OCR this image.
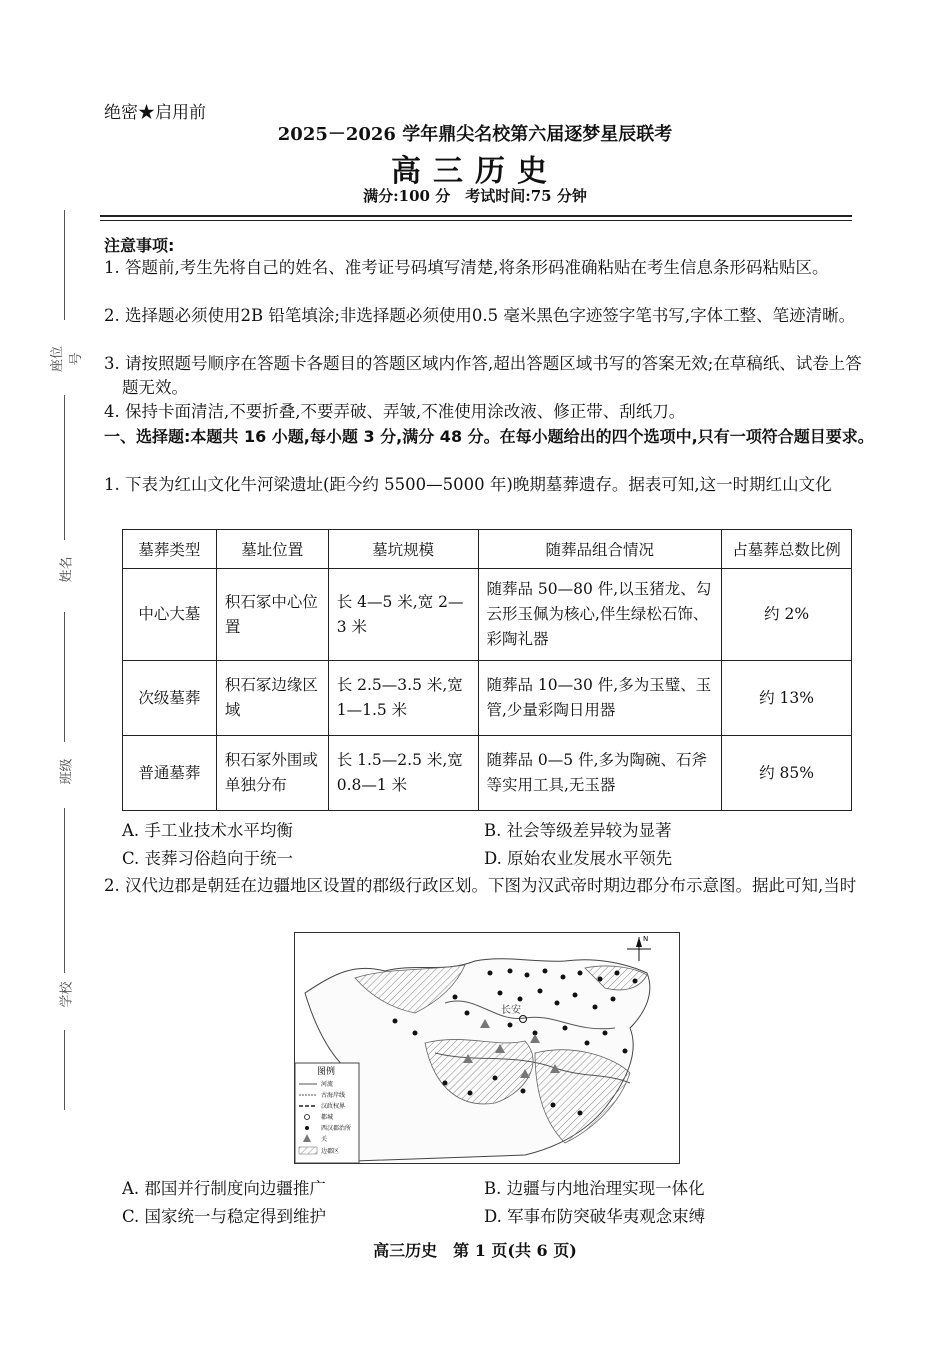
绝密★启用前
2025－2026 学年鼎尖名校第六届逐梦星辰联考
高三历史
满分:100 分　考试时间:75 分钟
座位号
姓名
班级
学校
注意事项:
1. 答题前,考生先将自己的姓名、准考证号码填写清楚,将条形码准确粘贴在考生信息条形码粘贴区。
2. 选择题必须使用2B 铅笔填涂;非选择题必须使用0.5 毫米黑色字迹签字笔书写,字体工整、笔迹清晰。
3. 请按照题号顺序在答题卡各题目的答题区域内作答,超出答题区域书写的答案无效;在草稿纸、试卷上答题无效。
4. 保持卡面清洁,不要折叠,不要弄破、弄皱,不准使用涂改液、修正带、刮纸刀。
一、选择题:本题共 16 小题,每小题 3 分,满分 48 分。在每小题给出的四个选项中,只有一项符合题目要求。
1. 下表为红山文化牛河梁遗址(距今约 5500—5000 年)晚期墓葬遗存。据表可知,这一时期红山文化
墓葬类型	墓址位置	墓坑规模	随葬品组合情况	占墓葬总数比例
中心大墓	积石冢中心位置	长 4—5 米,宽 2—3 米	随葬品 50—80 件,以玉猪龙、勾云形玉佩为核心,伴生绿松石饰、彩陶礼器	约 2%
次级墓葬	积石冢边缘区域	长 2.5—3.5 米,宽 1—1.5 米	随葬品 10—30 件,多为玉璧、玉管,少量彩陶日用器	约 13%
普通墓葬	积石冢外围或单独分布	长 1.5—2.5 米,宽 0.8—1 米	随葬品 0—5 件,多为陶碗、石斧等实用工具,无玉器	约 85%
A. 手工业技术水平均衡	B. 社会等级差异较为显著
C. 丧葬习俗趋向于统一	D. 原始农业发展水平领先
2. 汉代边郡是朝廷在边疆地区设置的郡级行政区划。下图为汉武帝时期边郡分布示意图。据此可知,当时
长安
N
图例
河流
古海岸线
汉政权界
都城
西汉郡治所
关
边郡区
A. 郡国并行制度向边疆推广	B. 边疆与内地治理实现一体化
C. 国家统一与稳定得到维护	D. 军事布防突破华夷观念束缚
高三历史　第 1 页(共 6 页)
